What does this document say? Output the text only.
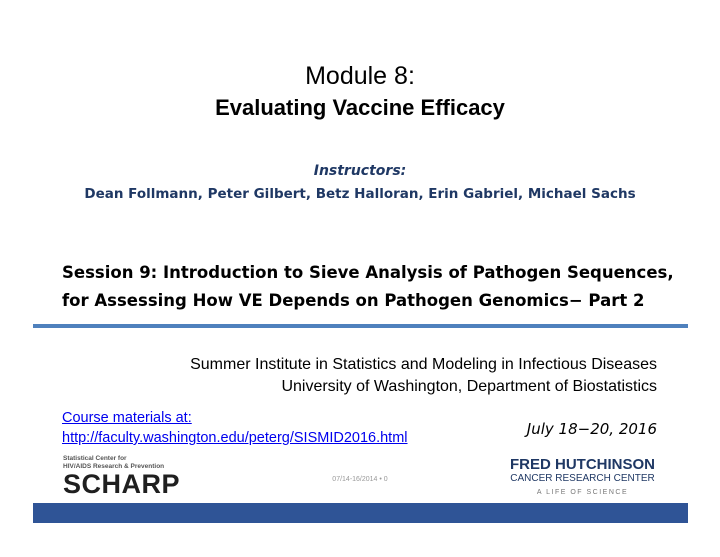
Module 8:
Evaluating Vaccine Efficacy
Instructors:
Dean Follmann, Peter Gilbert, Betz Halloran, Erin Gabriel, Michael Sachs
Session 9: Introduction to Sieve Analysis of Pathogen Sequences,
for Assessing How VE Depends on Pathogen Genomics− Part 2
Summer Institute in Statistics and Modeling in Infectious Diseases
University of Washington, Department of Biostatistics
Course materials at:
http://faculty.washington.edu/peterg/SISMID2016.html	July 18−20, 2016
Statistical Center for
HIV/AIDS Research & Prevention
SCHARP	07/14-16/2014 • 0
FRED HUTCHINSON
CANCER RESEARCH CENTER
A LIFE OF SCIENCE
